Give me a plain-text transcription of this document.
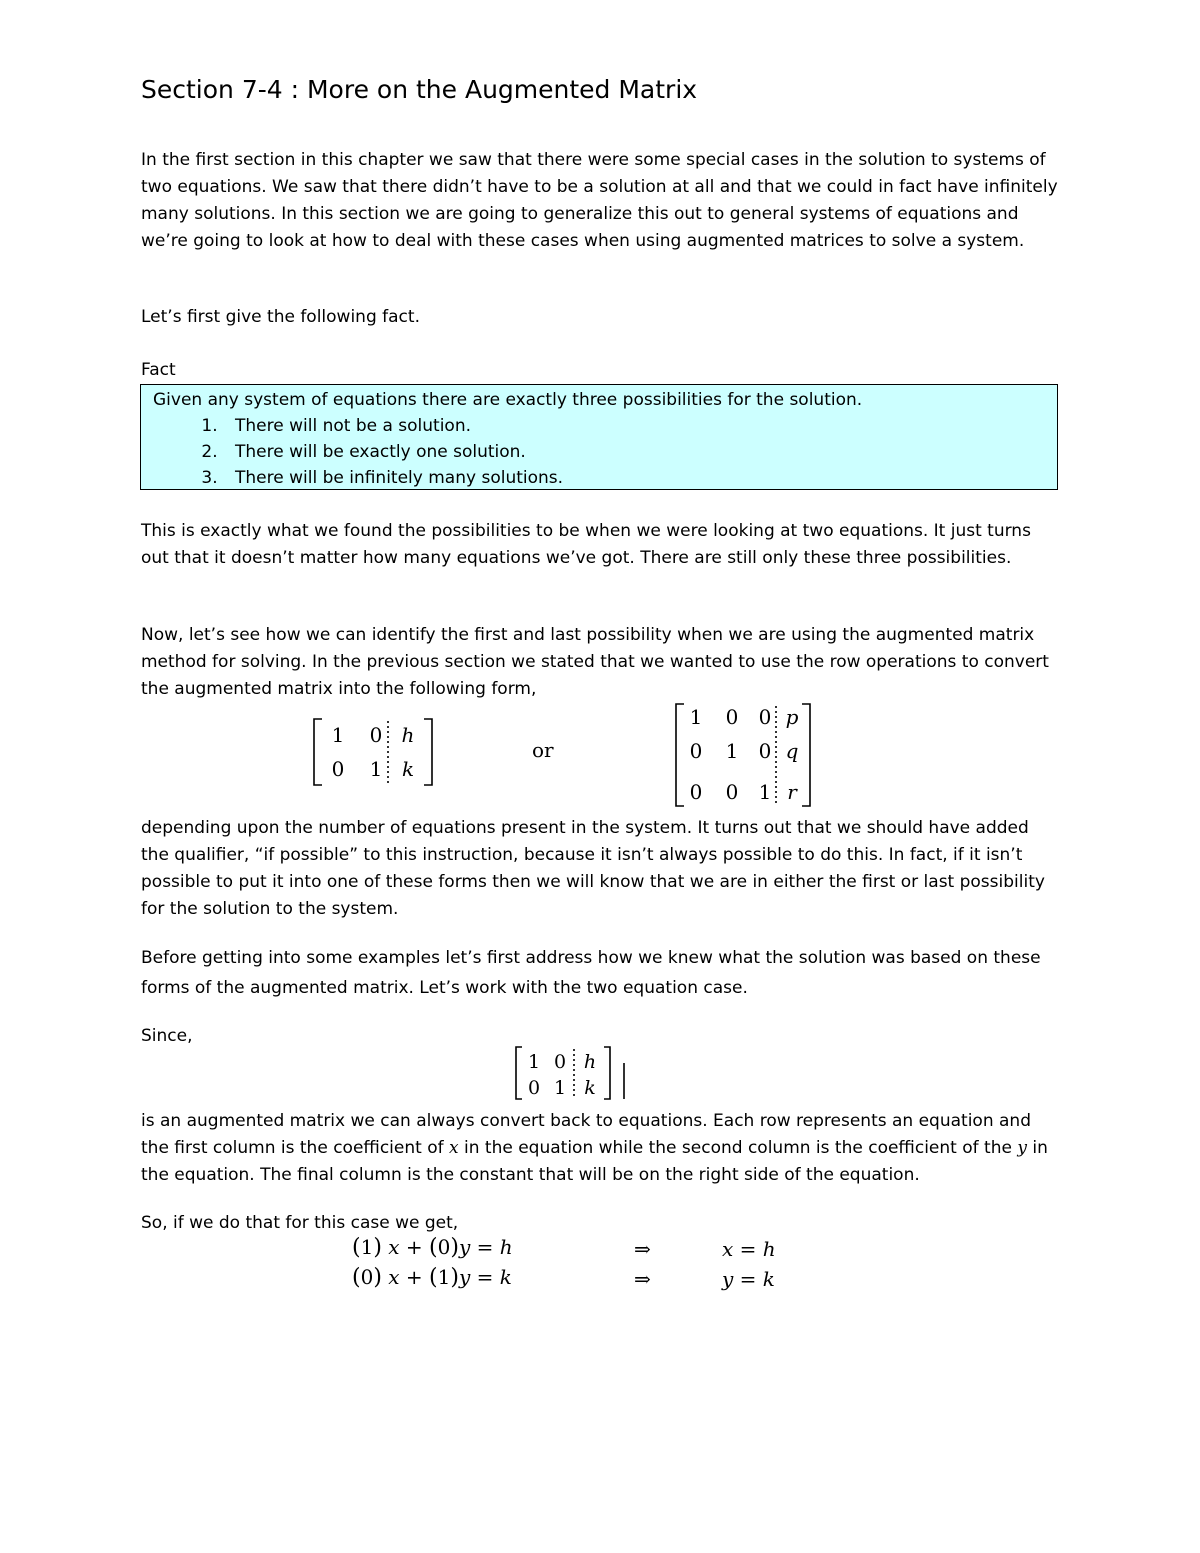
Section 7-4 : More on the Augmented Matrix

In the first section in this chapter we saw that there were some special cases in the solution to systems of two equations. We saw that there didn’t have to be a solution at all and that we could in fact have infinitely many solutions. In this section we are going to generalize this out to general systems of equations and we’re going to look at how to deal with these cases when using augmented matrices to solve a system.

Let’s first give the following fact.

Fact

Given any system of equations there are exactly three possibilities for the solution.
1. There will not be a solution.
2. There will be exactly one solution.
3. There will be infinitely many solutions.

This is exactly what we found the possibilities to be when we were looking at two equations. It just turns out that it doesn’t matter how many equations we’ve got. There are still only these three possibilities.

Now, let’s see how we can identify the first and last possibility when we are using the augmented matrix method for solving. In the previous section we stated that we wanted to use the row operations to convert the augmented matrix into the following form,

1 0 h
0 1 k
or
1 0 0 p
0 1 0 q
0 0 1 r

depending upon the number of equations present in the system. It turns out that we should have added the qualifier, “if possible” to this instruction, because it isn’t always possible to do this. In fact, if it isn’t possible to put it into one of these forms then we will know that we are in either the first or last possibility for the solution to the system.

Before getting into some examples let’s first address how we knew what the solution was based on these forms of the augmented matrix. Let’s work with the two equation case.

Since,

1 0 h
0 1 k

is an augmented matrix we can always convert back to equations. Each row represents an equation and the first column is the coefficient of x in the equation while the second column is the coefficient of the y in the equation. The final column is the constant that will be on the right side of the equation.

So, if we do that for this case we get,

(1) x + (0)y = h	⇒	x = h
(0) x + (1)y = k	⇒	y = k
